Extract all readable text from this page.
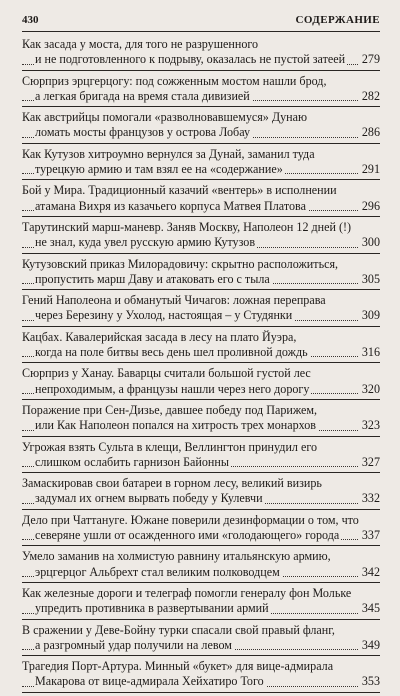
430	СОДЕРЖАНИЕ
Как засада у моста, для того не разрушенного
и не подготовленного к подрыву, оказалась не пустой затеей 279
Сюрприз эрцгерцогу: под сожженным мостом нашли брод,
а легкая бригада на время стала дивизией	282
Как австрийцы помогали «разволновавшемуся» Дунаю
ломать мосты французов у острова Лобау	286
Как Кутузов хитроумно вернулся за Дунай, заманил туда
турецкую армию и там взял ее на «содержание»	291
Бой у Мира. Традиционный казачий «вентерь» в исполнении
атамана Вихря из казачьего корпуса Матвея Платова	296
Тарутинский марш-маневр. Заняв Москву, Наполеон 12 дней (!)
не знал, куда увел русскую армию Кутузов	300
Кутузовский приказ Милорадовичу: скрытно расположиться,
пропустить марш Даву и атаковать его с тыла	305
Гений Наполеона и обманутый Чичагов: ложная переправа
через Березину у Ухолод, настоящая – у Студянки	309
Кацбах. Кавалерийская засада в лесу на плато Йуэра,
когда на поле битвы весь день шел проливной дождь	316
Сюрприз у Ханау. Баварцы считали большой густой лес
непроходимым, а французы нашли через него дорогу	320
Поражение при Сен-Дизье, давшее победу под Парижем,
или Как Наполеон попался на хитрость трех монархов	323
Угрожая взять Сульта в клещи, Веллингтон принудил его
слишком ослабить гарнизон Байонны	327
Замаскировав свои батареи в горном лесу, великий визирь
задумал их огнем вырвать победу у Кулевчи	332
Дело при Чаттануге. Южане поверили дезинформации о том, что
северяне ушли от осажденного ими «голодающего» города 337
Умело заманив на холмистую равнину итальянскую армию,
эрцгерцог Альбрехт стал великим полководцем	342
Как железные дороги и телеграф помогли генералу фон Мольке
упредить противника в развертывании армий	345
В сражении у Деве-Бойну турки спасали свой правый фланг,
а разгромный удар получили на левом	349
Трагедия Порт-Артура. Минный «букет» для вице-адмирала
Макарова от вице-адмирала Хейхатиро Того	353
